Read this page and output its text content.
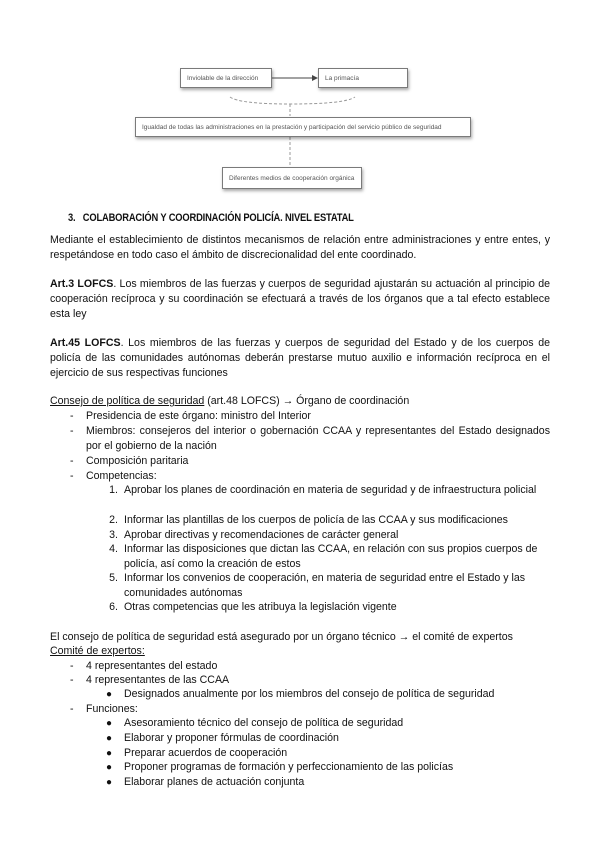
Inviolable de la dirección	La primacía
Igualdad de todas las administraciones en la prestación y participación del servicio público de seguridad
Diferentes medios de cooperación orgánica
3. COLABORACIÓN Y COORDINACIÓN POLICÍA. NIVEL ESTATAL
Mediante el establecimiento de distintos mecanismos de relación entre administraciones y entre entes, y respetándose en todo caso el ámbito de discrecionalidad del ente coordinado.
Art.3 LOFCS. Los miembros de las fuerzas y cuerpos de seguridad ajustarán su actuación al principio de cooperación recíproca y su coordinación se efectuará a través de los órganos que a tal efecto establece esta ley
Art.45 LOFCS. Los miembros de las fuerzas y cuerpos de seguridad del Estado y de los cuerpos de policía de las comunidades autónomas deberán prestarse mutuo auxilio e información recíproca en el ejercicio de sus respectivas funciones
Consejo de política de seguridad (art.48 LOFCS) → Órgano de coordinación
- Presidencia de este órgano: ministro del Interior
- Miembros: consejeros del interior o gobernación CCAA y representantes del Estado designados por el gobierno de la nación
- Composición paritaria
- Competencias:
1. Aprobar los planes de coordinación en materia de seguridad y de infraestructura policial
2. Informar las plantillas de los cuerpos de policía de las CCAA y sus modificaciones
3. Aprobar directivas y recomendaciones de carácter general
4. Informar las disposiciones que dictan las CCAA, en relación con sus propios cuerpos de policía, así como la creación de estos
5. Informar los convenios de cooperación, en materia de seguridad entre el Estado y las comunidades autónomas
6. Otras competencias que les atribuya la legislación vigente
El consejo de política de seguridad está asegurado por un órgano técnico → el comité de expertos
Comité de expertos:
- 4 representantes del estado
- 4 representantes de las CCAA
● Designados anualmente por los miembros del consejo de política de seguridad
- Funciones:
● Asesoramiento técnico del consejo de política de seguridad
● Elaborar y proponer fórmulas de coordinación
● Preparar acuerdos de cooperación
● Proponer programas de formación y perfeccionamiento de las policías
● Elaborar planes de actuación conjunta
